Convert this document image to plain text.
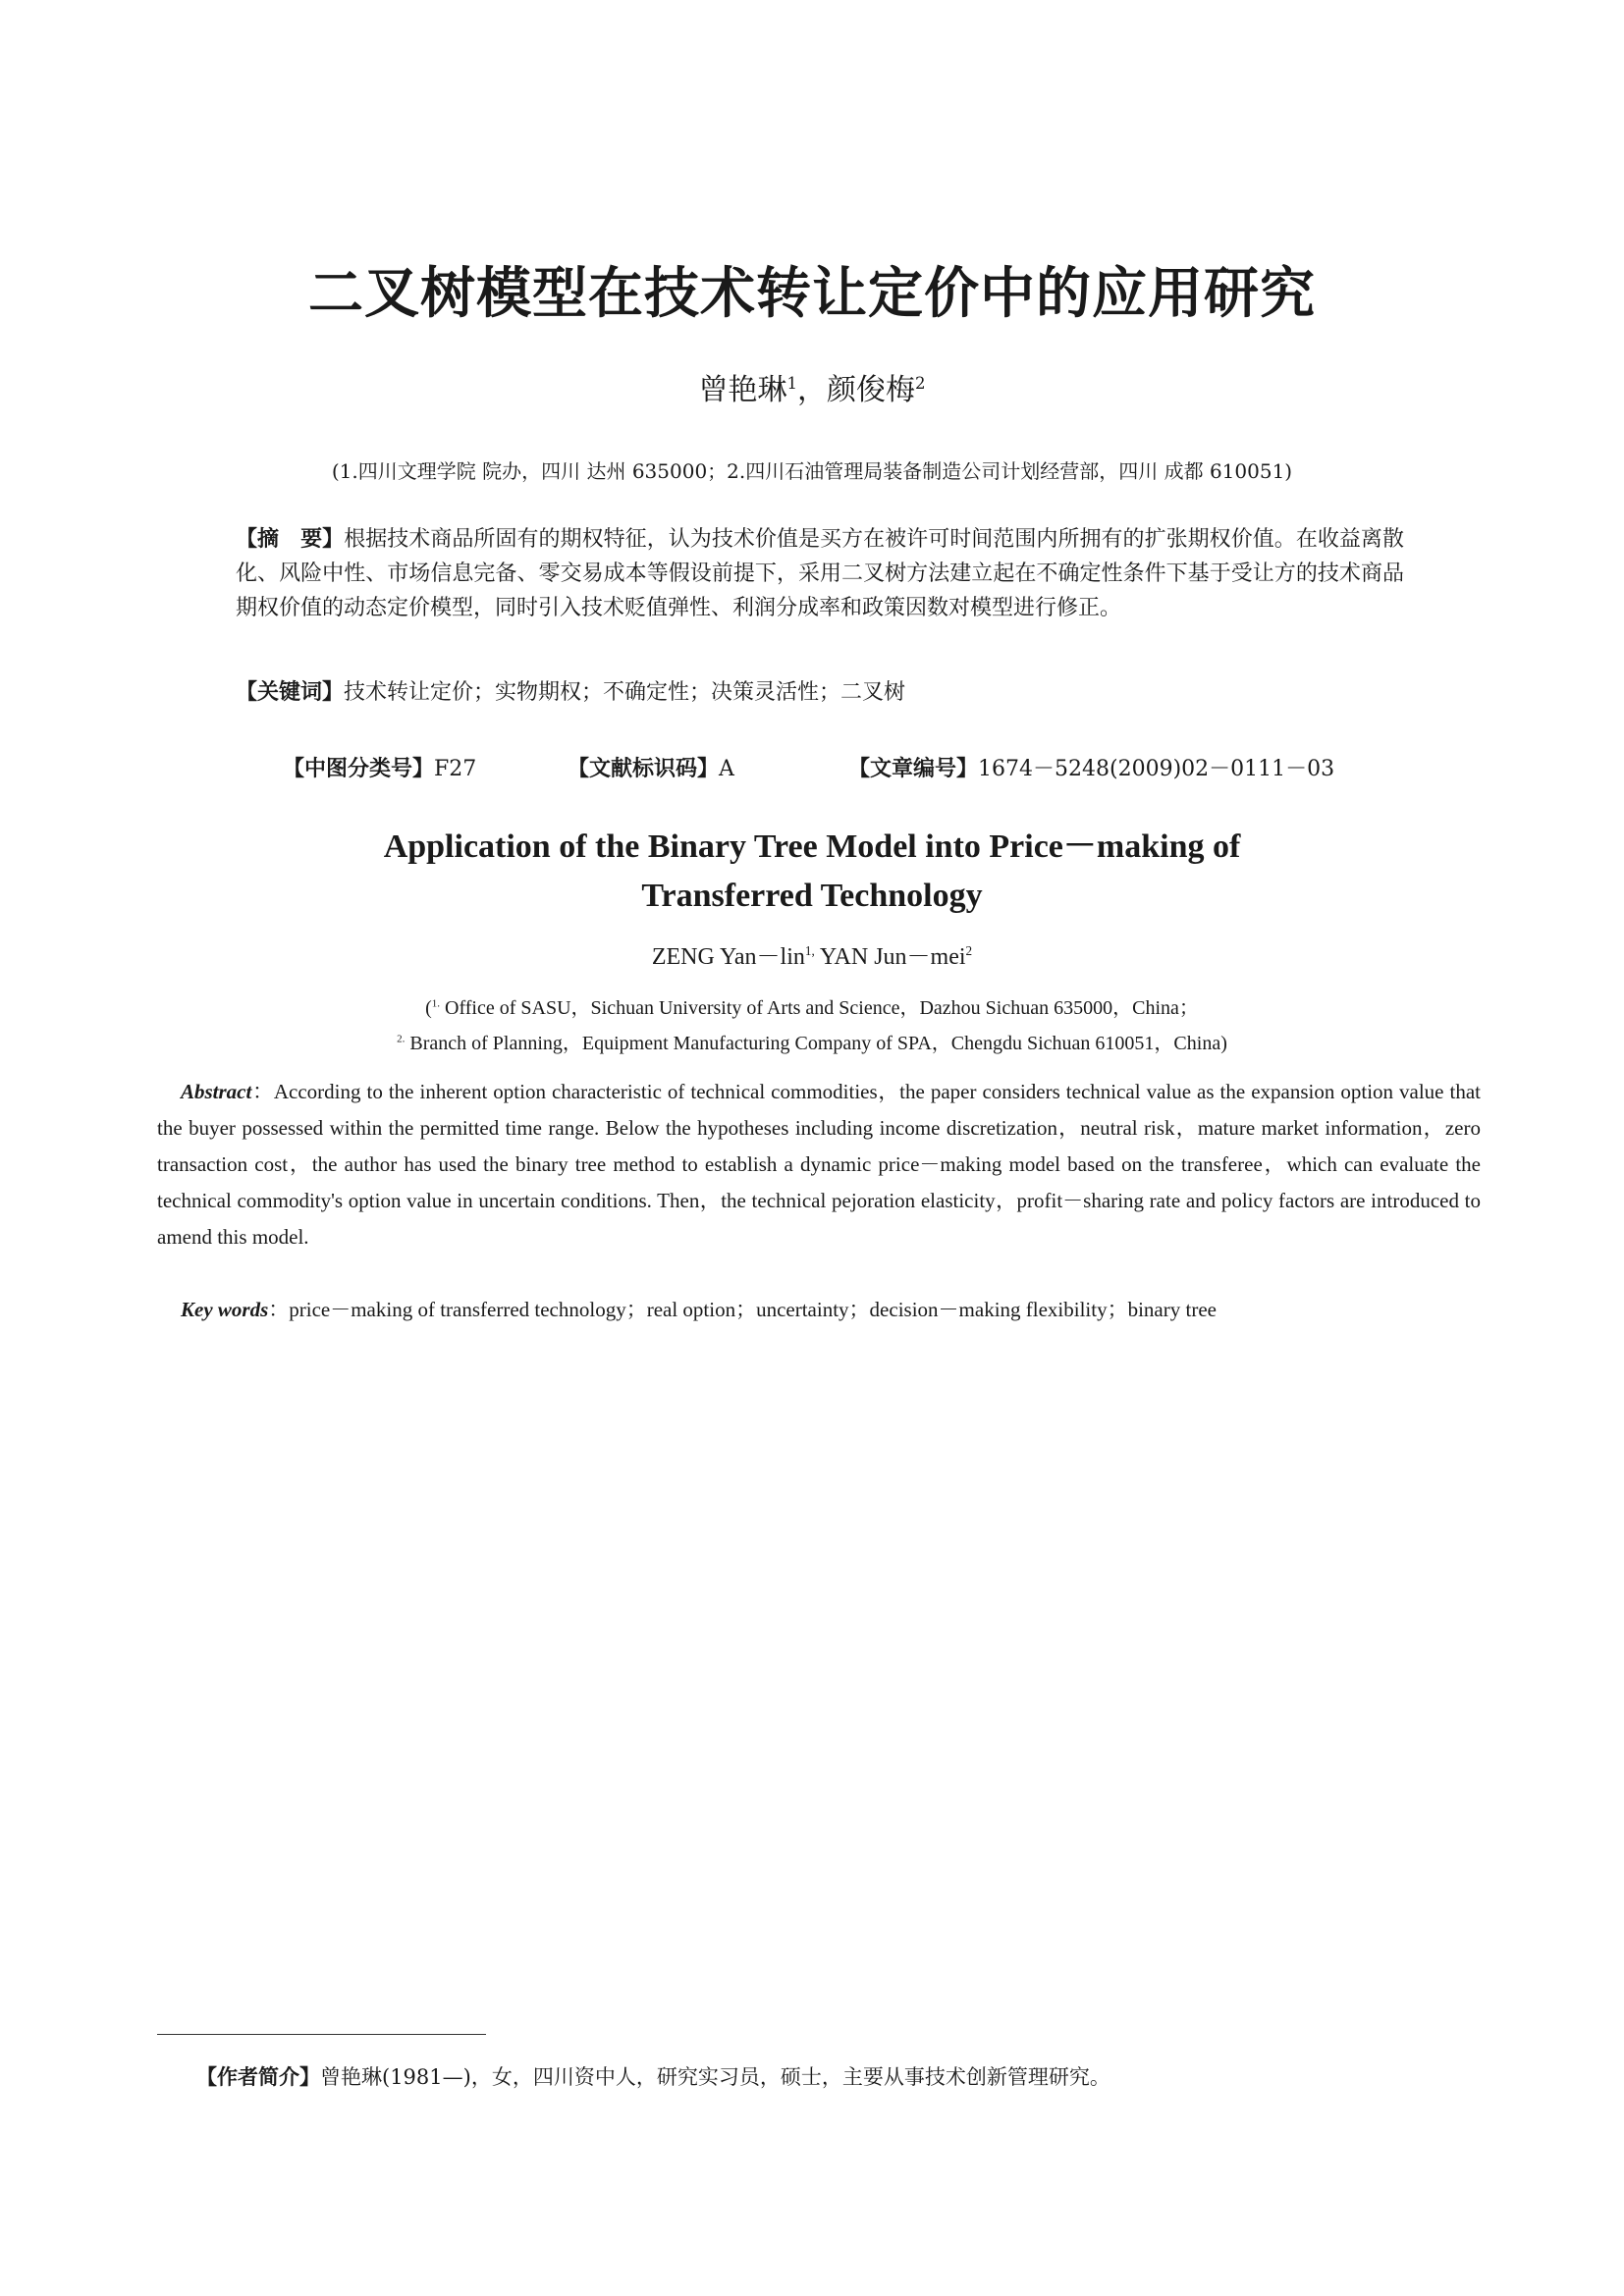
二叉树模型在技术转让定价中的应用研究
曾艳琳$^1$，颜俊梅$^2$
(1.四川文理学院 院办，四川 达州 635000；2.四川石油管理局装备制造公司计划经营部，四川 成都 610051)
【摘　要】根据技术商品所固有的期权特征，认为技术价值是买方在被许可时间范围内所拥有的扩张期权价值。在收益离散化、风险中性、市场信息完备、零交易成本等假设前提下，采用二叉树方法建立起在不确定性条件下基于受让方的技术商品期权价值的动态定价模型，同时引入技术贬值弹性、利润分成率和政策因数对模型进行修正。
【关键词】技术转让定价；实物期权；不确定性；决策灵活性；二叉树
【中图分类号】F27	【文献标识码】A	【文章编号】1674－5248(2009)02－0111－03
Application of the Binary Tree Model into Price－making of
Transferred Technology
ZENG Yan－lin$^{1,}$ YAN Jun－mei$^2$
($^{1.}$ Office of SASU，Sichuan University of Arts and Science，Dazhou Sichuan 635000，China；
$^{2.}$ Branch of Planning，Equipment Manufacturing Company of SPA，Chengdu Sichuan 610051，China)
Abstract：According to the inherent option characteristic of technical commodities，the paper considers technical value as the expansion option value that the buyer possessed within the permitted time range. Below the hypotheses including income discretization，neutral risk，mature market information，zero transaction cost，the author has used the binary tree method to establish a dynamic price－making model based on the transferee，which can evaluate the technical commodity's option value in uncertain conditions. Then，the technical pejoration elasticity，profit－sharing rate and policy factors are introduced to amend this model.
Key words：price－making of transferred technology；real option；uncertainty；decision－making flexibility；binary tree
【作者简介】曾艳琳(1981—)，女，四川资中人，研究实习员，硕士，主要从事技术创新管理研究。
